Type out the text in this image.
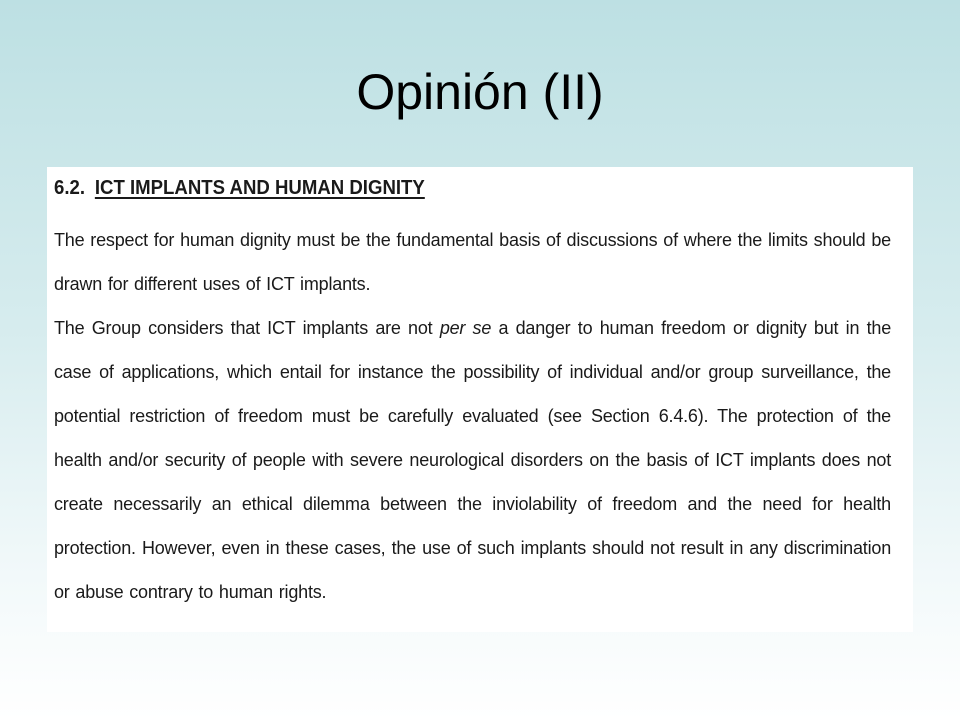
Opinión (II)
6.2. ICT IMPLANTS AND HUMAN DIGNITY

The respect for human dignity must be the fundamental basis of discussions of where the limits should be drawn for different uses of ICT implants.

The Group considers that ICT implants are not per se a danger to human freedom or dignity but in the case of applications, which entail for instance the possibility of individual and/or group surveillance, the potential restriction of freedom must be carefully evaluated (see Section 6.4.6). The protection of the health and/or security of people with severe neurological disorders on the basis of ICT implants does not create necessarily an ethical dilemma between the inviolability of freedom and the need for health protection. However, even in these cases, the use of such implants should not result in any discrimination or abuse contrary to human rights.
